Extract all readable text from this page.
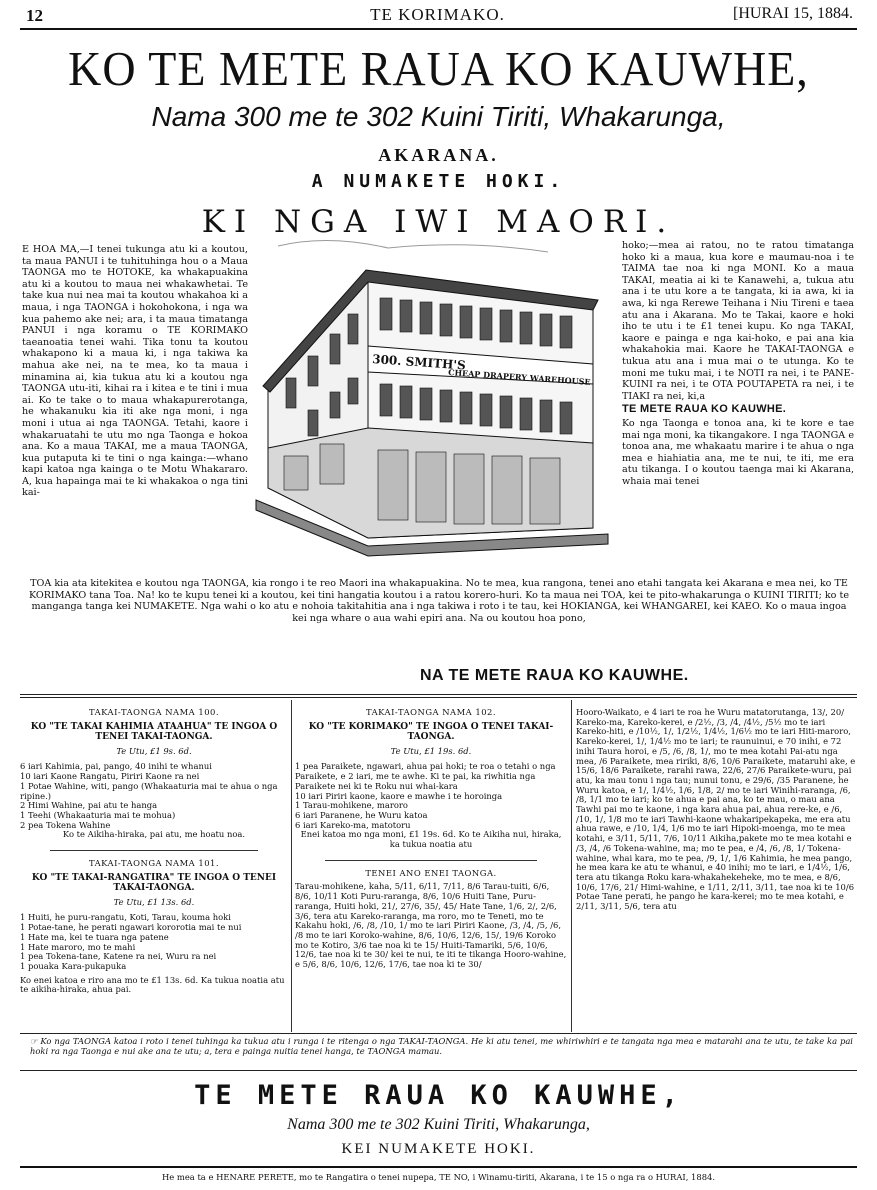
12	TE KORIMAKO.	[HURAI 15, 1884.
KO TE METE RAUA KO KAUWHE,
Nama 300 me te 302 Kuini Tiriti, Whakarunga,
AKARANA.
A NUMAKETE HOKI.
KI NGA IWI MAORI.
E HOA MA,—I tenei tukunga atu ki a koutou, ta maua PANUI i te tuhituhinga hou o a Maua TAONGA mo te HOTOKE, ka whakapuakina atu ki a koutou to maua nei whakawhetai. Te take kua nui nea mai ta koutou whakahoa ki a maua, i nga TAONGA i hokohokona, i nga wa kua pahemo ake nei; ara, i ta maua timatanga PANUI i nga koramu o TE KORIMAKO taeanoatia tenei wahi. Tika tonu ta koutou whakapono ki a maua ki, i nga takiwa ka mahua ake nei, na te mea, ko ta maua i minamina ai, kia tukua atu ki a koutou nga TAONGA utu-iti, kihai ra i kitea e te tini i mua ai. Ko te take o to maua whakapurerotanga, he whakanuku kia iti ake nga moni, i nga moni i utua ai nga TAONGA. Tetahi, kaore i whakaruatahi te utu mo nga Taonga e hokoa ana. Ko a maua TAKAI, me a maua TAONGA, kua putaputa ki te tini o nga kainga:—whano kapi katoa nga kainga o te Motu Whakararo. A, kua hapainga mai te ki whakakoa o nga tini kai-
300. SMITH'S
CHEAP DRAPERY WAREHOUSE
hoko;—mea ai ratou, no te ratou timatanga hoko ki a maua, kua kore e maumau-noa i te TAIMA tae noa ki nga MONI. Ko a maua TAKAI, meatia ai ki te Kanawehi, a, tukua atu ana i te utu kore a te tangata, ki ia awa, ki ia awa, ki nga Rerewe Teihana i Niu Tireni e taea atu ana i Akarana. Mo te Takai, kaore e hoki iho te utu i te £1 tenei kupu. Ko nga TAKAI, kaore e painga e nga kai-hoko, e pai ana kia whakahokia mai. Kaore he TAKAI-TAONGA e tukua atu ana i mua mai o te utunga. Ko te moni me tuku mai, i te NOTI ra nei, i te PANE-KUINI ra nei, i te OTA POUTAPETA ra nei, i te TIAKI ra nei, ki,a
TE METE RAUA KO KAUWHE.
Ko nga Taonga e tonoa ana, ki te kore e tae mai nga moni, ka tikangakore. I nga TAONGA e tonoa ana, me whakaatu marire i te ahua o nga mea e hiahiatia ana, me te nui, te iti, me era atu tikanga. I o koutou taenga mai ki Akarana, whaia mai tenei
TOA kia ata kitekitea e koutou nga TAONGA, kia rongo i te reo Maori ina whakapuakina. No te mea, kua rangona, tenei ano etahi tangata kei Akarana e mea nei, ko TE KORIMAKO tana Toa. Na! ko te kupu tenei ki a koutou, kei tini hangatia koutou i a ratou korero-huri. Ko ta maua nei TOA, kei te pito-whakarunga o KUINI TIRITI; ko te manganga tanga kei NUMAKETE. Nga wahi o ko atu e nohoia takitahitia ana i nga takiwa i roto i te tau, kei HOKIANGA, kei WHANGAREI, kei KAEO. Ko o maua ingoa kei nga whare o aua wahi epiri ana. Na ou koutou hoa pono,
NA TE METE RAUA KO KAUWHE.
TAKAI-TAONGA NAMA 100.
KO "TE TAKAI KAHIMIA ATAAHUA" TE INGOA O TENEI TAKAI-TAONGA.
Te Utu, £1 9s. 6d.

6 iari Kahimia, pai, pango, 40 inihi te whanui

10 iari Kaone Rangatu, Piriri Kaone ra nei

1 Potae Wahine, witi, pango (Whakaaturia mai te ahua o nga ripine.)

2 Himi Wahine, pai atu te hanga

1 Teehi (Whakaaturia mai te mohua)

2 pea Tokena Wahine

Ko te Aikiha-hiraka, pai atu, me hoatu noa.

TAKAI-TAONGA NAMA 101.
KO "TE TAKAI-RANGATIRA" TE INGOA O TENEI TAKAI-TAONGA.
Te Utu, £1 13s. 6d.

1 Huiti, he puru-rangatu, Koti, Tarau, kouma hoki

1 Potae-tane, he perati ngawari kororotia mai te nui

1 Hate ma, kei te tuara nga patene

1 Hate maroro, mo te mahi

1 pea Tokena-tane, Katene ra nei, Wuru ra nei

1 pouaka Kara-pukapuka

Ko enei katoa e riro ana mo te £1 13s. 6d. Ka tukua noatia atu te aikiha-hiraka, ahua pai.

TAKAI-TAONGA NAMA 102.
KO "TE KORIMAKO" TE INGOA O TENEI TAKAI-TAONGA.
Te Utu, £1 19s. 6d.

1 pea Paraikete, ngawari, ahua pai hoki; te roa o tetahi o nga Paraikete, e 2 iari, me te awhe. Ki te pai, ka riwhitia nga Paraikete nei ki te Roku nui whai-kara

10 iari Piriri kaone, kaore e mawhe i te horoinga

1 Tarau-mohikene, maroro

6 iari Paranene, he Wuru katoa

6 iari Kareko-ma, matotoru

Enei katoa mo nga moni, £1 19s. 6d. Ko te Aikiha nui, hiraka, ka tukua noatia atu

TENEI ANO ENEI TAONGA.

Tarau-mohikene, kaha, 5/11, 6/11, 7/11, 8/6 Tarau-tuiti, 6/6, 8/6, 10/11 Koti Puru-raranga, 8/6, 10/6 Huiti Tane, Puru-raranga, Huiti hoki, 21/, 27/6, 35/, 45/ Hate Tane, 1/6, 2/, 2/6, 3/6, tera atu Kareko-raranga, ma roro, mo te Teneti, mo te Kakahu hoki, /6, /8, /10, 1/ mo te iari Piriri Kaone, /3, /4, /5, /6, /8 mo te iari Koroko-wahine, 8/6, 10/6, 12/6, 15/, 19/6 Koroko mo te Kotiro, 3/6 tae noa ki te 15/ Huiti-Tamariki, 5/6, 10/6, 12/6, tae noa ki te 30/ kei te nui, te iti te tikanga Hooro-wahine, e 5/6, 8/6, 10/6, 12/6, 17/6, tae noa ki te 30/

Hooro-Waikato, e 4 iari te roa he Wuru matatorutanga, 13/, 20/ Kareko-ma, Kareko-kerei, e /2½, /3, /4, /4½, /5½ mo te iari Kareko-hiti, e /10½, 1/, 1/2½, 1/4½, 1/6½ mo te iari Hiti-maroro, Kareko-kerei, 1/, 1/4½ mo te iari; te raunuinui, e 70 inihi, e 72 inihi Taura horoi, e /5, /6, /8, 1/, mo te mea kotahi Pai-atu nga mea, /6 Paraikete, mea ririki, 8/6, 10/6 Paraikete, mataruhi ake, e 15/6, 18/6 Paraikete, rarahi rawa, 22/6, 27/6 Paraikete-wuru, pai atu, ka mau tonu i nga tau; nunui tonu, e 29/6, /35 Paranene, he Wuru katoa, e 1/, 1/4½, 1/6, 1/8, 2/ mo te iari Winihi-raranga, /6, /8, 1/1 mo te iari; ko te ahua e pai ana, ko te mau, o mau ana Tawhi pai mo te kaone, i nga kara ahua pai, ahua rere-ke, e /6, /10, 1/, 1/8 mo te iari Tawhi-kaone whakaripekapeka, me era atu ahua rawe, e /10, 1/4, 1/6 mo te iari Hipoki-moenga, mo te mea kotahi, e 3/11, 5/11, 7/6, 10/11 Aikiha,pakete mo te mea kotahi e /3, /4, /6 Tokena-wahine, ma; mo te pea, e /4, /6, /8, 1/ Tokena-wahine, whai kara, mo te pea, /9, 1/, 1/6 Kahimia, he mea pango, he mea kara ke atu te whanui, e 40 inihi; mo te iari, e 1/4½, 1/6, tera atu tikanga Roku kara-whakahekeheke, mo te mea, e 8/6, 10/6, 17/6, 21/ Himi-wahine, e 1/11, 2/11, 3/11, tae noa ki te 10/6 Potae Tane perati, he pango he kara-kerei; mo te mea kotahi, e 2/11, 3/11, 5/6, tera atu

☞ Ko nga TAONGA katoa i roto i tenei tuhinga ka tukua atu i runga i te ritenga o nga TAKAI-TAONGA. He ki atu tenei, me whiriwhiri e te tangata nga mea e matarahi ana te utu, te take ka pai hoki ra nga Taonga e nui ake ana te utu; a, tera e painga nuitia tenei hanga, te TAONGA mamau.
TE METE RAUA KO KAUWHE,
Nama 300 me te 302 Kuini Tiriti, Whakarunga,
KEI NUMAKETE HOKI.
He mea ta e HENARE PERETE, mo te Rangatira o tenei nupepa, TE NO, i Winamu-tiriti, Akarana, i te 15 o nga ra o HURAI, 1884.
